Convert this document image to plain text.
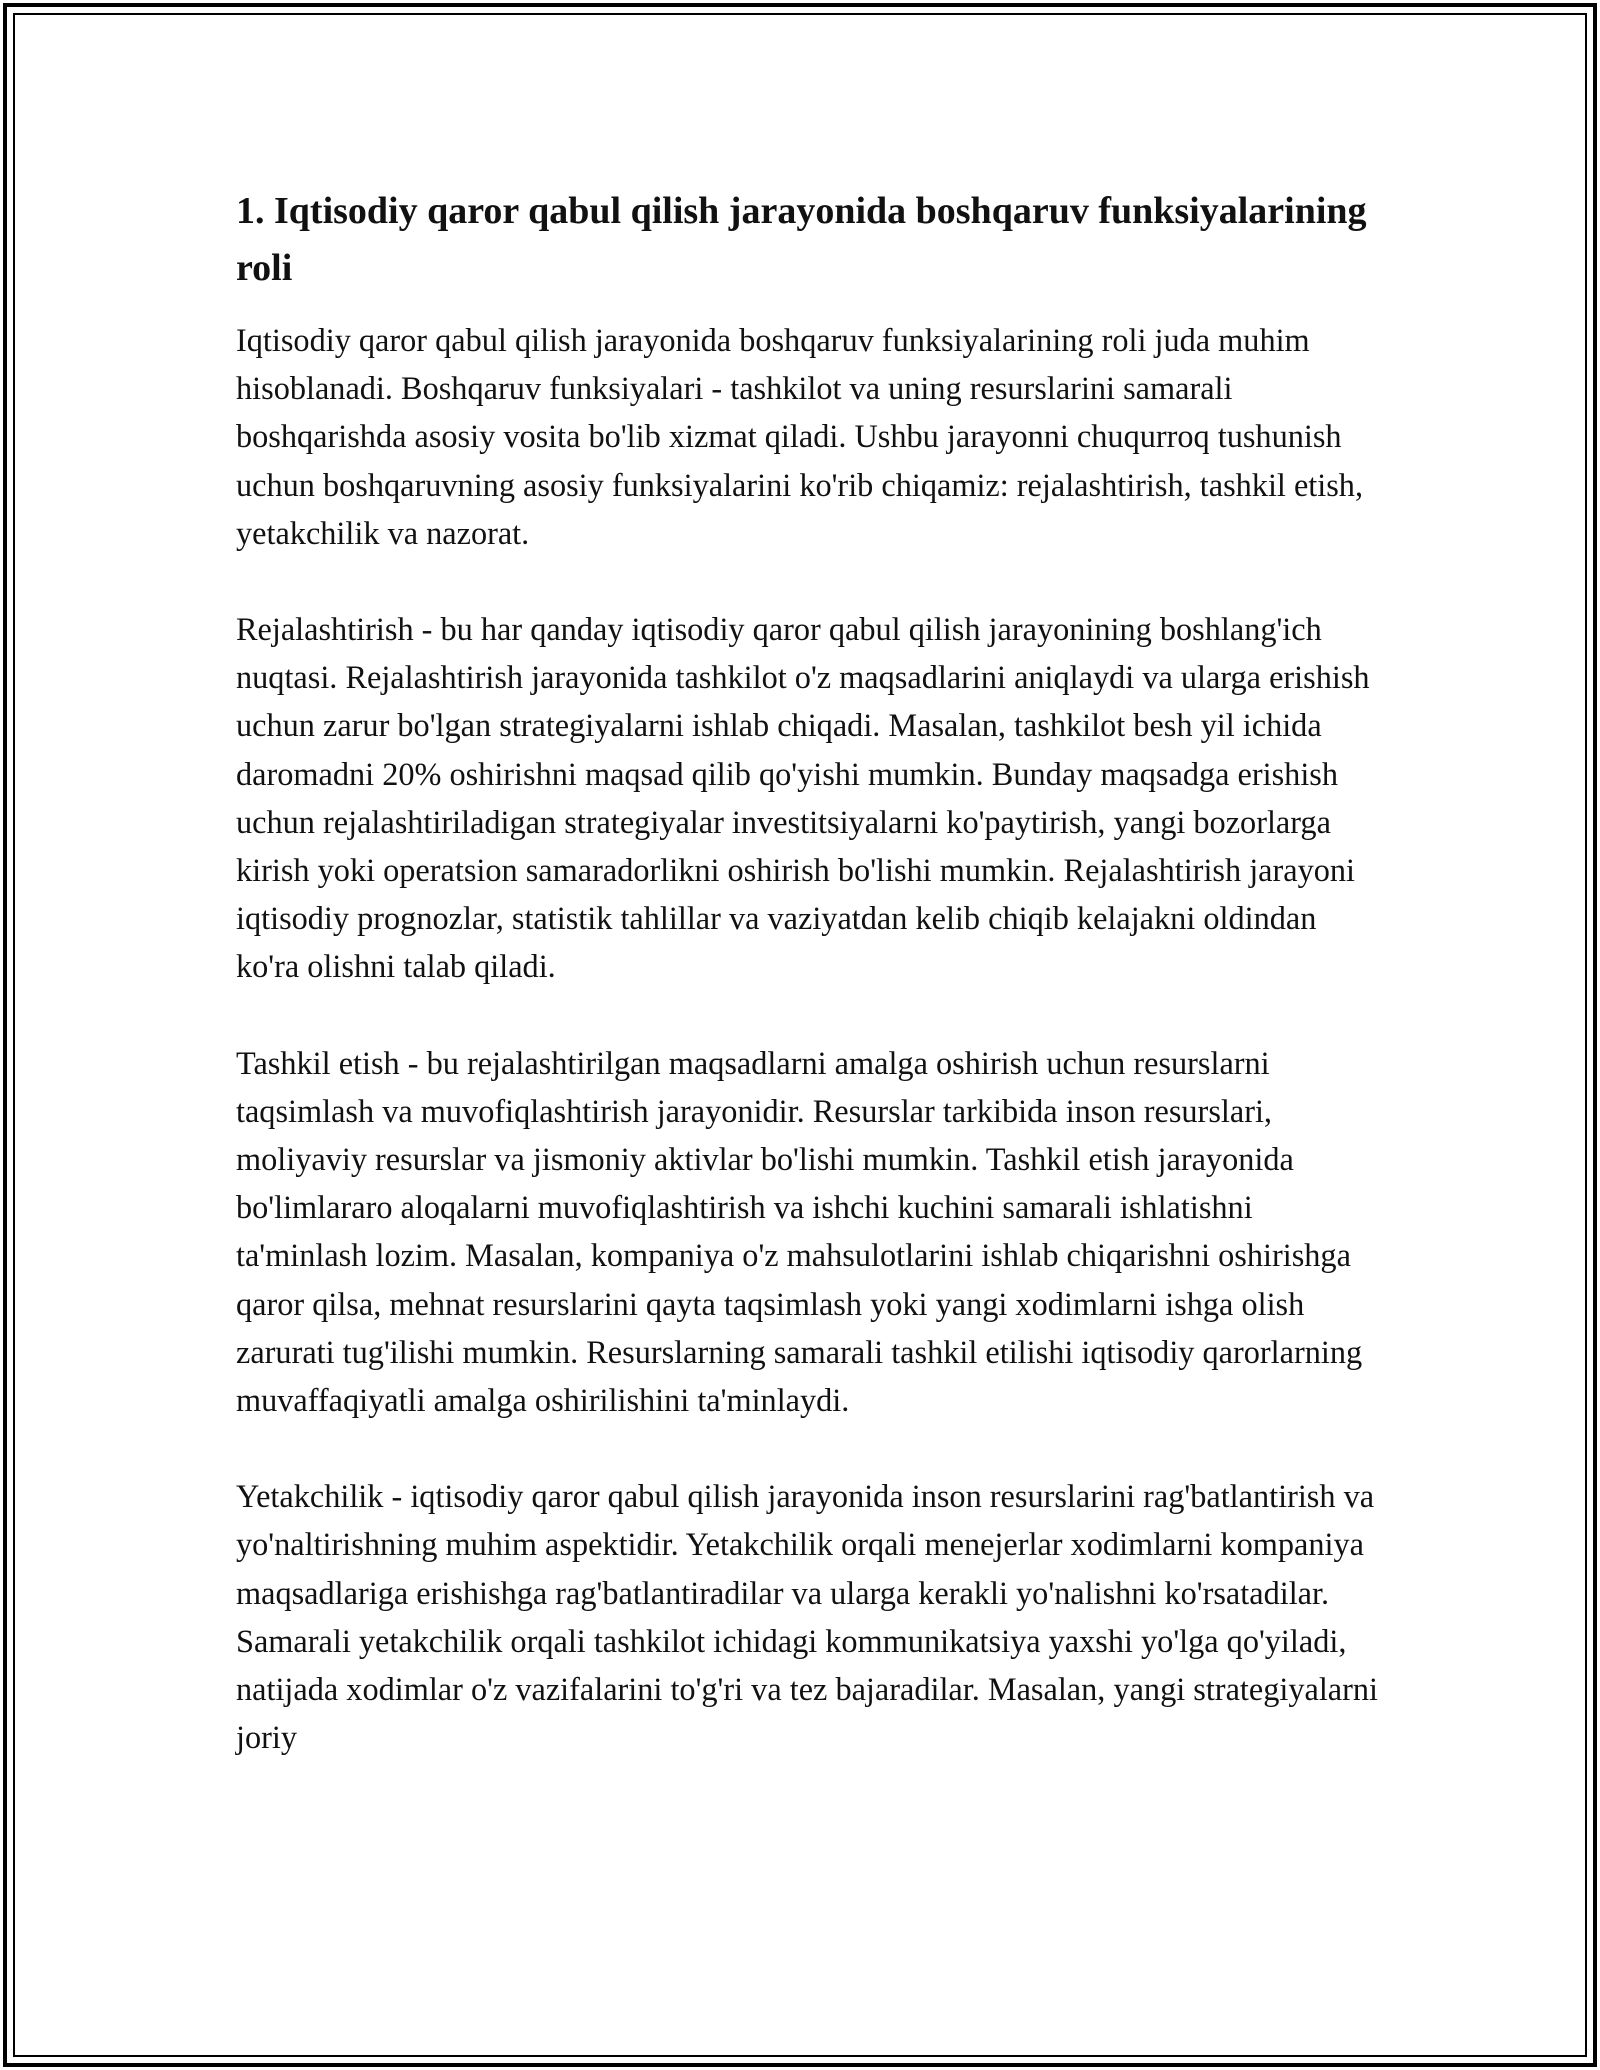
1. Iqtisodiy qaror qabul qilish jarayonida boshqaruv funksiyalarining roli

Iqtisodiy qaror qabul qilish jarayonida boshqaruv funksiyalarining roli juda muhim hisoblanadi. Boshqaruv funksiyalari - tashkilot va uning resurslarini samarali boshqarishda asosiy vosita bo'lib xizmat qiladi. Ushbu jarayonni chuqurroq tushunish uchun boshqaruvning asosiy funksiyalarini ko'rib chiqamiz: rejalashtirish, tashkil etish, yetakchilik va nazorat.

Rejalashtirish - bu har qanday iqtisodiy qaror qabul qilish jarayonining boshlang'ich nuqtasi. Rejalashtirish jarayonida tashkilot o'z maqsadlarini aniqlaydi va ularga erishish uchun zarur bo'lgan strategiyalarni ishlab chiqadi. Masalan, tashkilot besh yil ichida daromadni 20% oshirishni maqsad qilib qo'yishi mumkin. Bunday maqsadga erishish uchun rejalashtiriladigan strategiyalar investitsiyalarni ko'paytirish, yangi bozorlarga kirish yoki operatsion samaradorlikni oshirish bo'lishi mumkin. Rejalashtirish jarayoni iqtisodiy prognozlar, statistik tahlillar va vaziyatdan kelib chiqib kelajakni oldindan ko'ra olishni talab qiladi.

Tashkil etish - bu rejalashtirilgan maqsadlarni amalga oshirish uchun resurslarni taqsimlash va muvofiqlashtirish jarayonidir. Resurslar tarkibida inson resurslari, moliyaviy resurslar va jismoniy aktivlar bo'lishi mumkin. Tashkil etish jarayonida bo'limlararo aloqalarni muvofiqlashtirish va ishchi kuchini samarali ishlatishni ta'minlash lozim. Masalan, kompaniya o'z mahsulotlarini ishlab chiqarishni oshirishga qaror qilsa, mehnat resurslarini qayta taqsimlash yoki yangi xodimlarni ishga olish zarurati tug'ilishi mumkin. Resurslarning samarali tashkil etilishi iqtisodiy qarorlarning muvaffaqiyatli amalga oshirilishini ta'minlaydi.

Yetakchilik - iqtisodiy qaror qabul qilish jarayonida inson resurslarini rag'batlantirish va yo'naltirishning muhim aspektidir. Yetakchilik orqali menejerlar xodimlarni kompaniya maqsadlariga erishishga rag'batlantiradilar va ularga kerakli yo'nalishni ko'rsatadilar. Samarali yetakchilik orqali tashkilot ichidagi kommunikatsiya yaxshi yo'lga qo'yiladi, natijada xodimlar o'z vazifalarini to'g'ri va tez bajaradilar. Masalan, yangi strategiyalarni joriy
